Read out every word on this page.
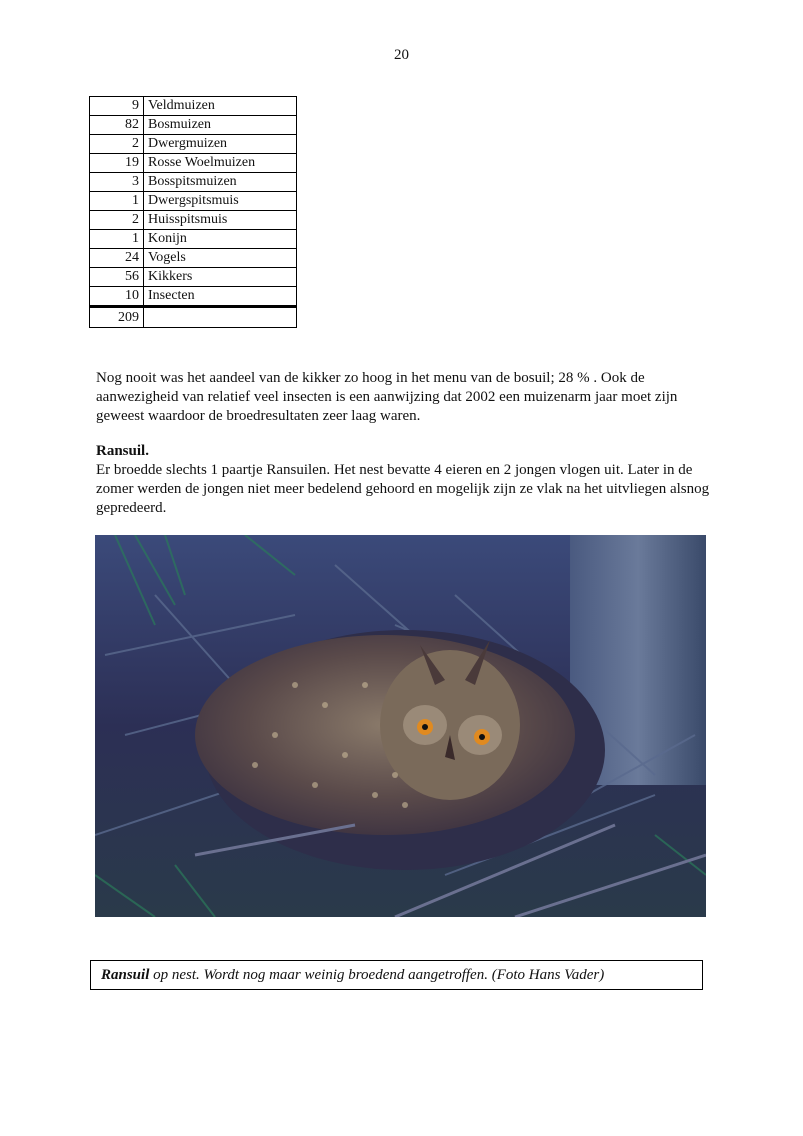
20
9	Veldmuizen
82	Bosmuizen
2	Dwergmuizen
19	Rosse Woelmuizen
3	Bosspitsmuizen
1	Dwergspitsmuis
2	Huisspitsmuis
1	Konijn
24	Vogels
56	Kikkers
10	Insecten
209	

Nog nooit was het aandeel van de kikker zo hoog in het menu van de bosuil; 28 % . Ook de aanwezigheid van relatief veel insecten is een aanwijzing dat 2002 een muizenarm jaar moet zijn geweest waardoor de broedresultaten zeer laag waren.

Ransuil.

Er broedde slechts 1 paartje Ransuilen. Het nest bevatte 4 eieren en 2 jongen vlogen uit. Later in de zomer werden de jongen niet meer bedelend gehoord en mogelijk zijn ze vlak na het uitvliegen alsnog gepredeerd.

Ransuil op nest. Wordt nog maar weinig broedend aangetroffen. (Foto Hans Vader)
